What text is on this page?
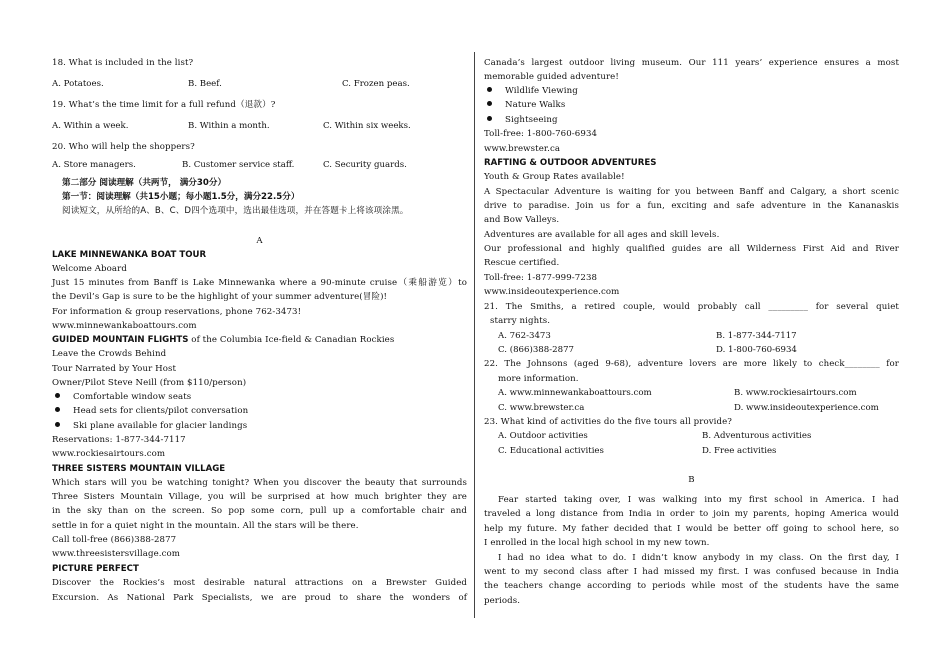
18. What is included in the list?
A. Potatoes.	B. Beef.	C. Frozen peas.
19. What’s the time limit for a full refund（退款）?
A. Within a week.	B. Within a month.	C. Within six weeks.
20. Who will help the shoppers?
A. Store managers.	B. Customer service staff.	C. Security guards.
第二部分 阅读理解（共两节， 满分30分）
第一节：阅读理解（共15小题；每小题1.5分，满分22.5分）
阅读短文，从所给的A、B、C、D四个选项中，选出最佳选项，并在答题卡上将该项涂黑。
A
LAKE MINNEWANKA BOAT TOUR
Welcome Aboard
Just 15 minutes from Banff is Lake Minnewanka where a 90-minute cruise（乘船游览）to
the Devil’s Gap is sure to be the highlight of your summer adventure(冒险)!
For information & group reservations, phone 762-3473!
www.minnewankaboattours.com
GUIDED MOUNTAIN FLIGHTS of the Columbia Ice-field & Canadian Rockies
Leave the Crowds Behind
Tour Narrated by Your Host
Owner/Pilot Steve Neill (from $110/person)
Comfortable window seats
Head sets for clients/pilot conversation
Ski plane available for glacier landings
Reservations: 1-877-344-7117
www.rockiesairtours.com
THREE SISTERS MOUNTAIN VILLAGE
Which stars will you be watching tonight? When you discover the beauty that surrounds
Three Sisters Mountain Village, you will be surprised at how much brighter they are
in the sky than on the screen. So pop some corn, pull up a comfortable chair and
settle in for a quiet night in the mountain. All the stars will be there.
Call toll-free (866)388-2877
www.threesistersvillage.com
PICTURE PERFECT
Discover the Rockies’s most desirable natural attractions on a Brewster Guided
Excursion. As National Park Specialists, we are proud to share the wonders of
Canada’s largest outdoor living museum. Our 111 years’ experience ensures a most
memorable guided adventure!
Wildlife Viewing
Nature Walks
Sightseeing
Toll-free: 1-800-760-6934
www.brewster.ca
RAFTING & OUTDOOR ADVENTURES
Youth & Group Rates available!
A Spectacular Adventure is waiting for you between Banff and Calgary, a short scenic
drive to paradise. Join us for a fun, exciting and safe adventure in the Kananaskis
and Bow Valleys.
Adventures are available for all ages and skill levels.
Our professional and highly qualified guides are all Wilderness First Aid and River
Rescue certified.
Toll-free: 1-877-999-7238
www.insideoutexperience.com
21. The Smiths, a retired couple, would probably call _________ for several quiet
starry nights.
A. 762-3473	B. 1-877-344-7117
C. (866)388-2877	D. 1-800-760-6934
22. The Johnsons (aged 9-68), adventure lovers are more likely to check________ for
more information.
A. www.minnewankaboattours.com	B. www.rockiesairtours.com
C. www.brewster.ca	D. www.insideoutexperience.com
23. What kind of activities do the five tours all provide?
A. Outdoor activities	B. Adventurous activities
C. Educational activities	D. Free activities
B
Fear started taking over, I was walking into my first school in America. I had
traveled a long distance from India in order to join my parents, hoping America would
help my future. My father decided that I would be better off going to school here, so
I enrolled in the local high school in my new town.
I had no idea what to do. I didn’t know anybody in my class. On the first day, I
went to my second class after I had missed my first. I was confused because in India
the teachers change according to periods while most of the students have the same
periods.
